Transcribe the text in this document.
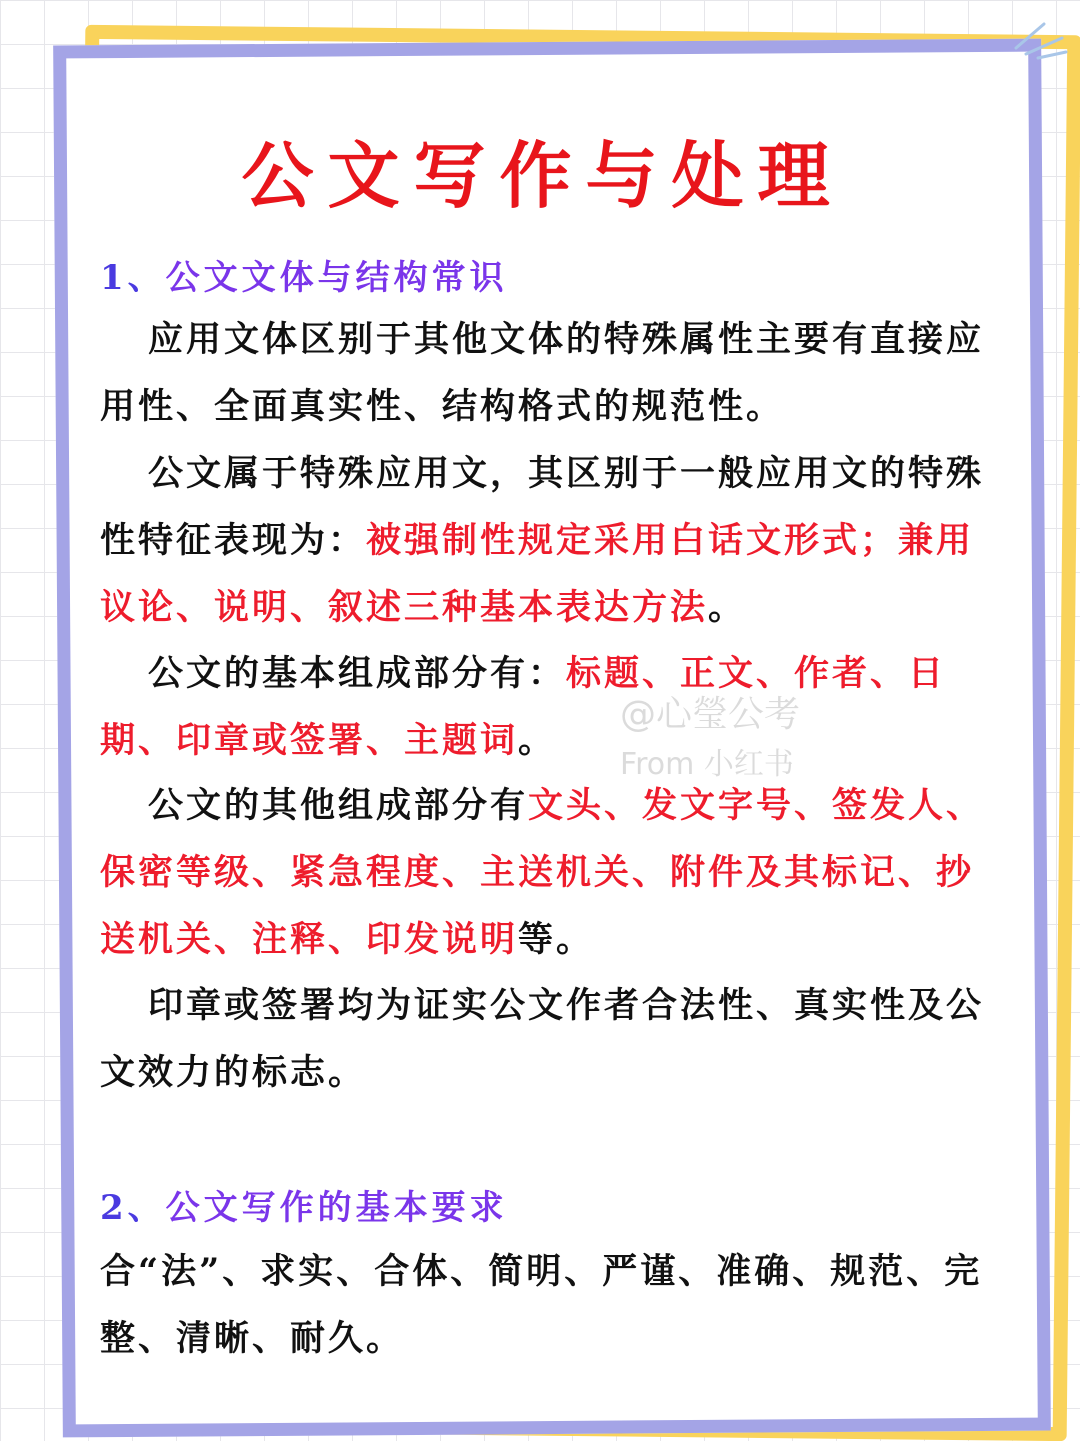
公文写作与处理
1、公文文体与结构常识

应用文体区别于其他文体的特殊属性主要有直接应用性、全面真实性、结构格式的规范性。

公文属于特殊应用文，其区别于一般应用文的特殊性特征表现为：被强制性规定采用白话文形式；兼用议论、说明、叙述三种基本表达方法。

公文的基本组成部分有：标题、正文、作者、日期、印章或签署、主题词。

公文的其他组成部分有文头、发文字号、签发人、保密等级、紧急程度、主送机关、附件及其标记、抄送机关、注释、印发说明等。

印章或签署均为证实公文作者合法性、真实性及公文效力的标志。

2、公文写作的基本要求

合“法”、求实、合体、简明、严谨、准确、规范、完整、清晰、耐久。

@心瑩公考
From 小红书
